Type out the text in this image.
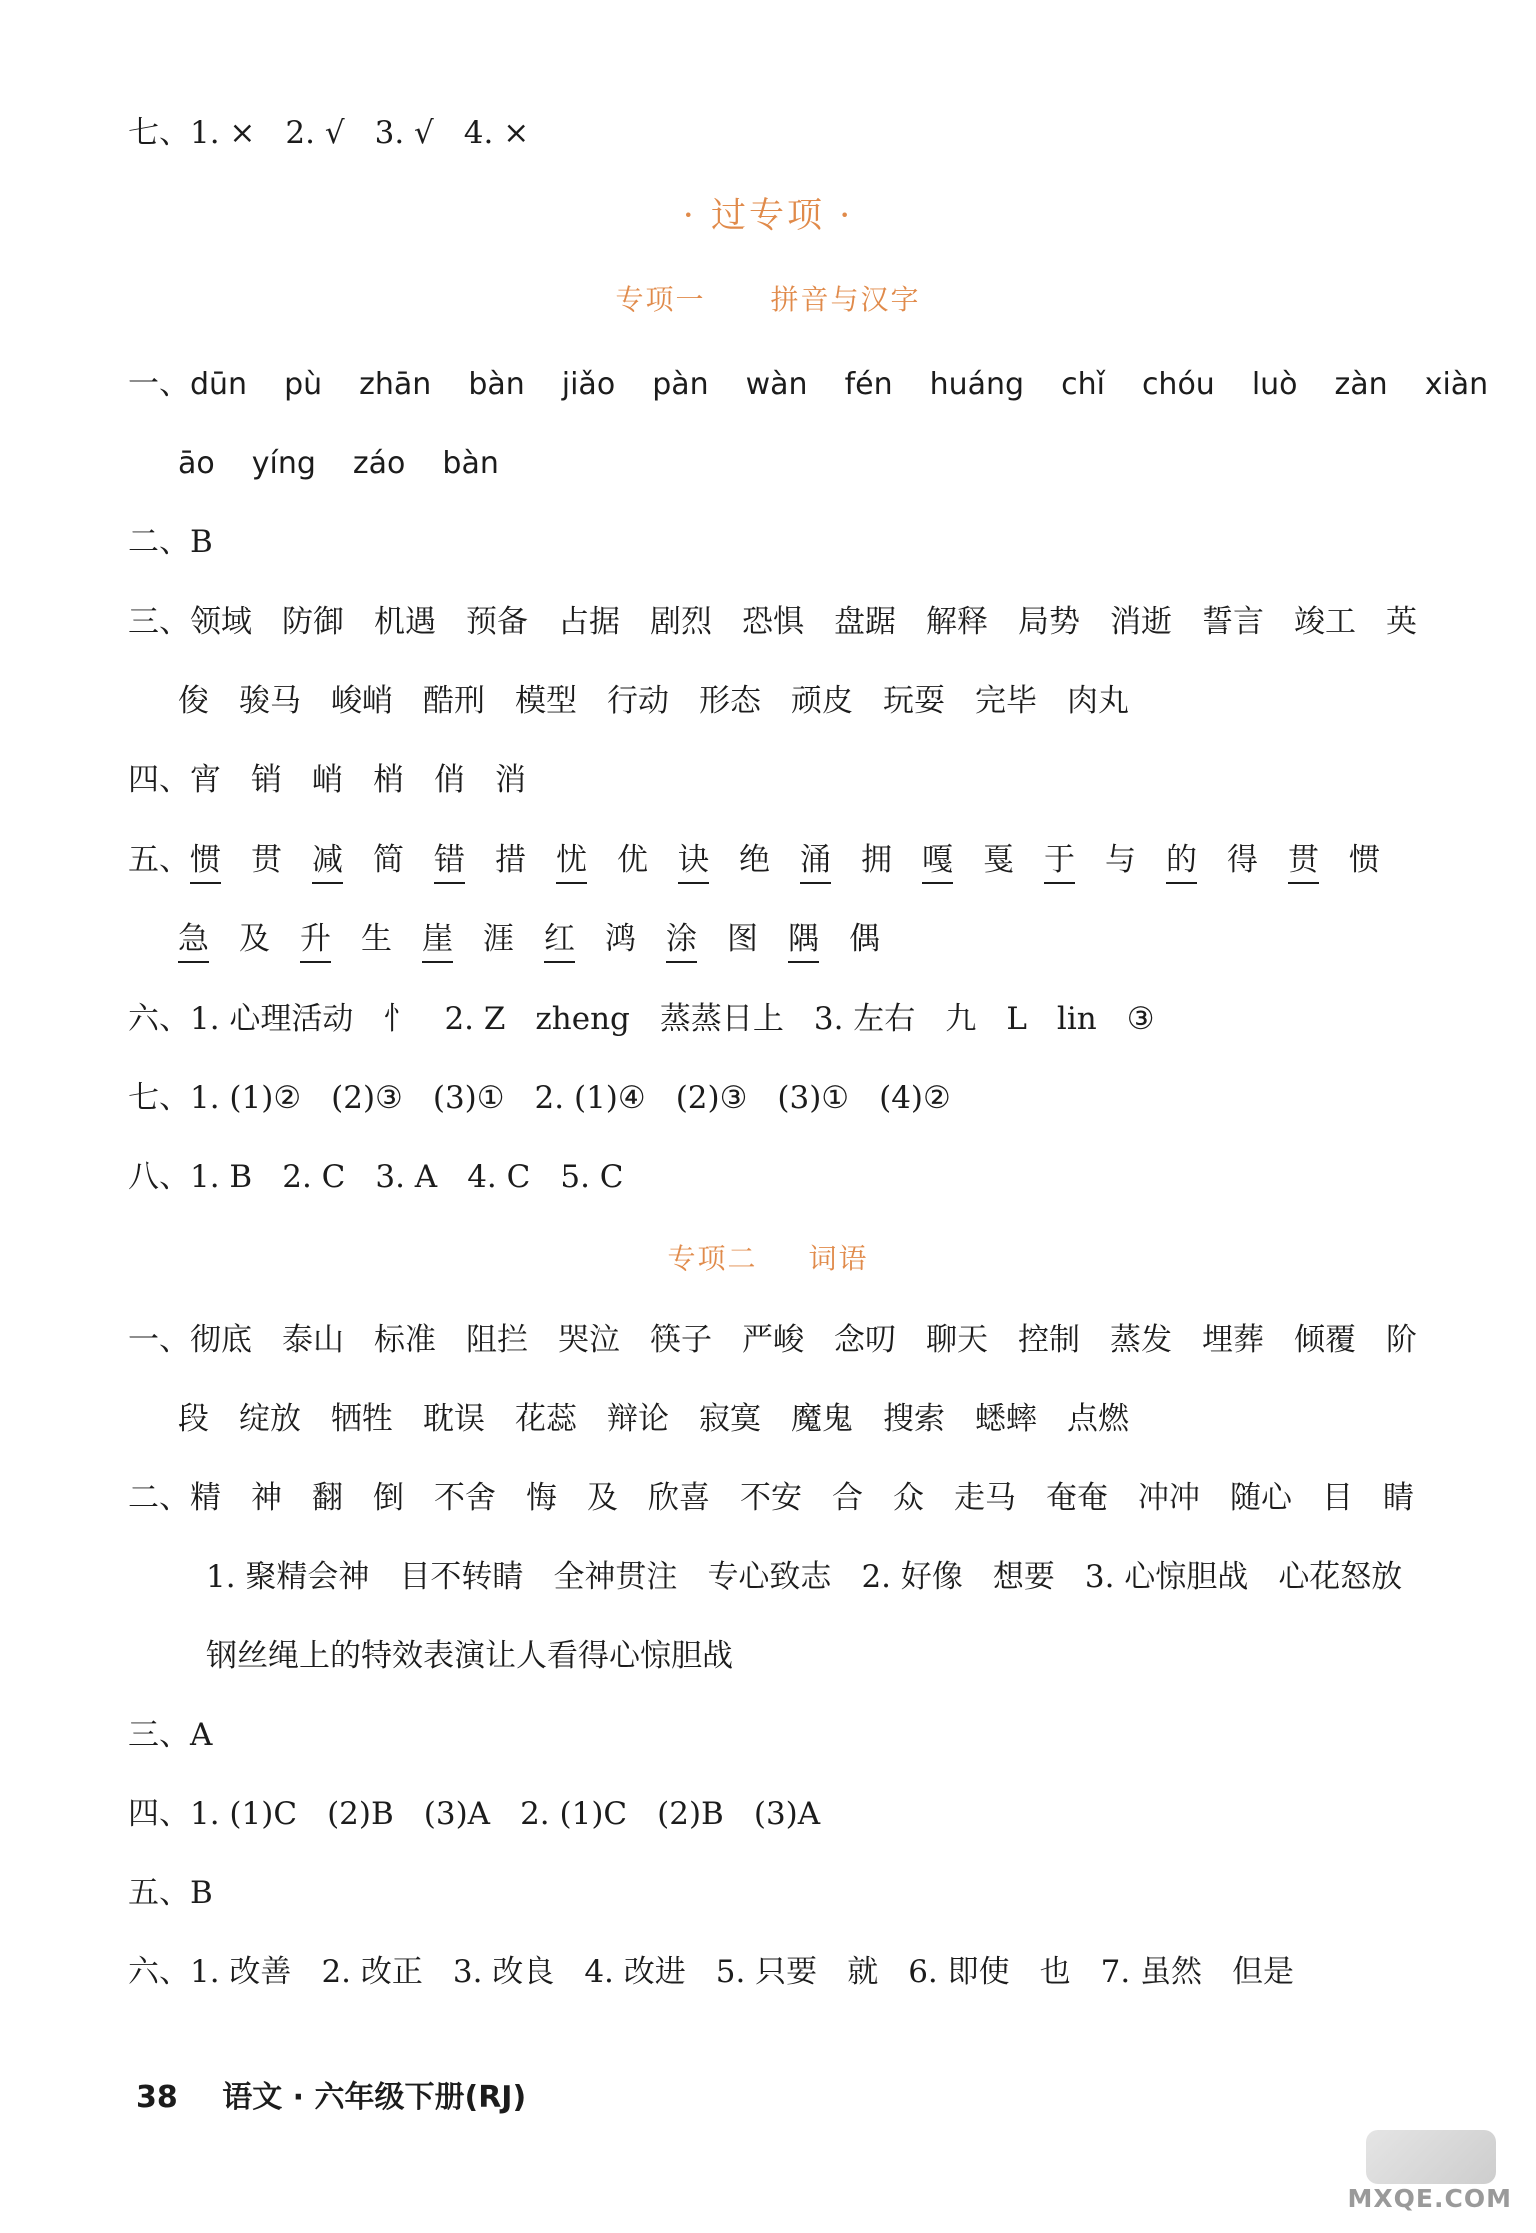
七、1. × 2. √ 3. √ 4. ×
· 过专项 ·
专项一 拼音与汉字
一、dūn pù zhān bàn jiǎo pàn wàn fén huáng chǐ chóu luò zàn xiàn
āo yíng záo bàn
二、B
三、领域 防御 机遇 预备 占据 剧烈 恐惧 盘踞 解释 局势 消逝 誓言 竣工 英
俊 骏马 峻峭 酷刑 模型 行动 形态 顽皮 玩耍 完毕 肉丸
四、宵 销 峭 梢 俏 消
五、惯 贯 减 简 错 措 忧 优 诀 绝 涌 拥 嘎 戛 于 与 的 得 贯 惯
急 及 升 生 崖 涯 红 鸿 涂 图 隅 偶
六、1. 心理活动 忄 2. Z zheng 蒸蒸日上 3. 左右 九 L lin ③
七、1. (1)② (2)③ (3)① 2. (1)④ (2)③ (3)① (4)②
八、1. B 2. C 3. A 4. C 5. C
专项二 词语
一、彻底 泰山 标准 阻拦 哭泣 筷子 严峻 念叨 聊天 控制 蒸发 埋葬 倾覆 阶
段 绽放 牺牲 耽误 花蕊 辩论 寂寞 魔鬼 搜索 蟋蟀 点燃
二、精 神 翻 倒 不舍 悔 及 欣喜 不安 合 众 走马 奄奄 冲冲 随心 目 睛
1. 聚精会神 目不转睛 全神贯注 专心致志 2. 好像 想要 3. 心惊胆战 心花怒放
钢丝绳上的特效表演让人看得心惊胆战
三、A
四、1. (1)C (2)B (3)A 2. (1)C (2)B (3)A
五、B
六、1. 改善 2. 改正 3. 改良 4. 改进 5. 只要 就 6. 即使 也 7. 虽然 但是
38 语文 · 六年级下册(RJ)
MXQE.COM
